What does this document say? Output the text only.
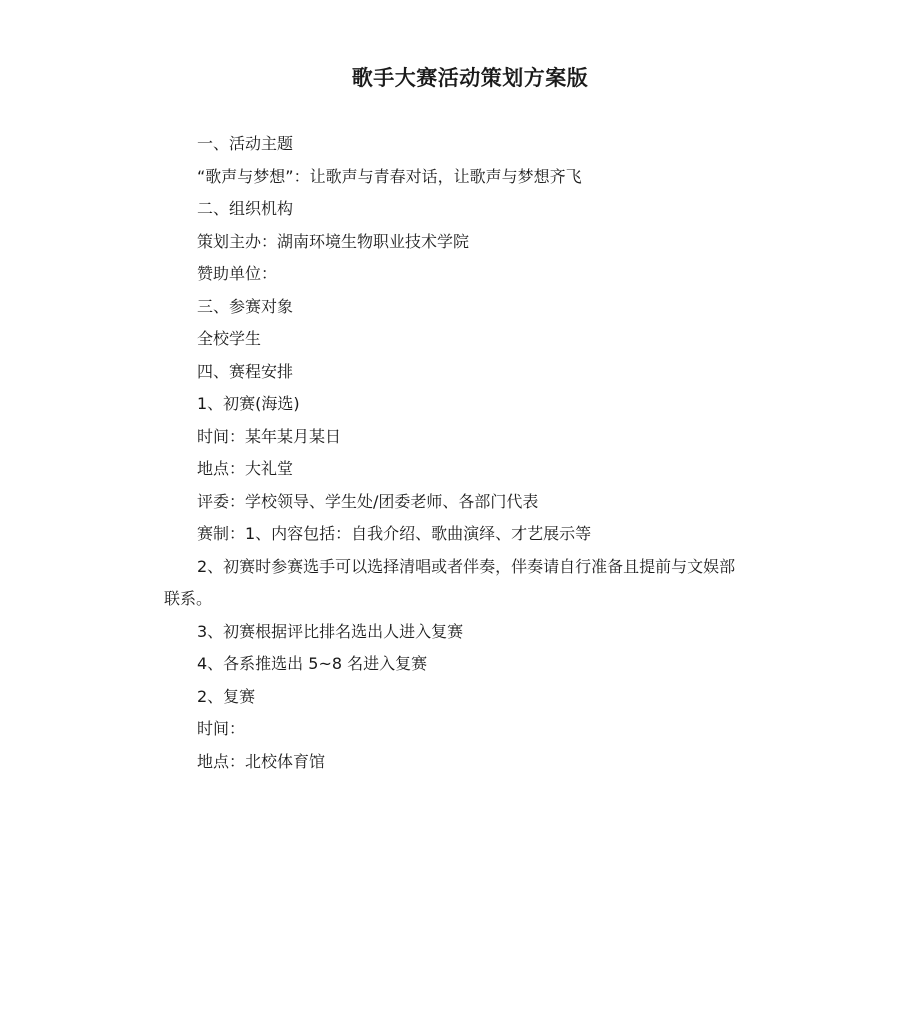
歌手大赛活动策划方案版

一、活动主题

“歌声与梦想”：让歌声与青春对话，让歌声与梦想齐飞

二、组织机构

策划主办：湖南环境生物职业技术学院

赞助单位：

三、参赛对象

全校学生

四、赛程安排

1、初赛(海选)

时间：某年某月某日

地点：大礼堂

评委：学校领导、学生处/团委老师、各部门代表

赛制：1、内容包括：自我介绍、歌曲演绎、才艺展示等

2、初赛时参赛选手可以选择清唱或者伴奏，伴奏请自行准备且提前与文娱部

联系。

3、初赛根据评比排名选出人进入复赛

4、各系推选出 5~8 名进入复赛

2、复赛

时间：

地点：北校体育馆
